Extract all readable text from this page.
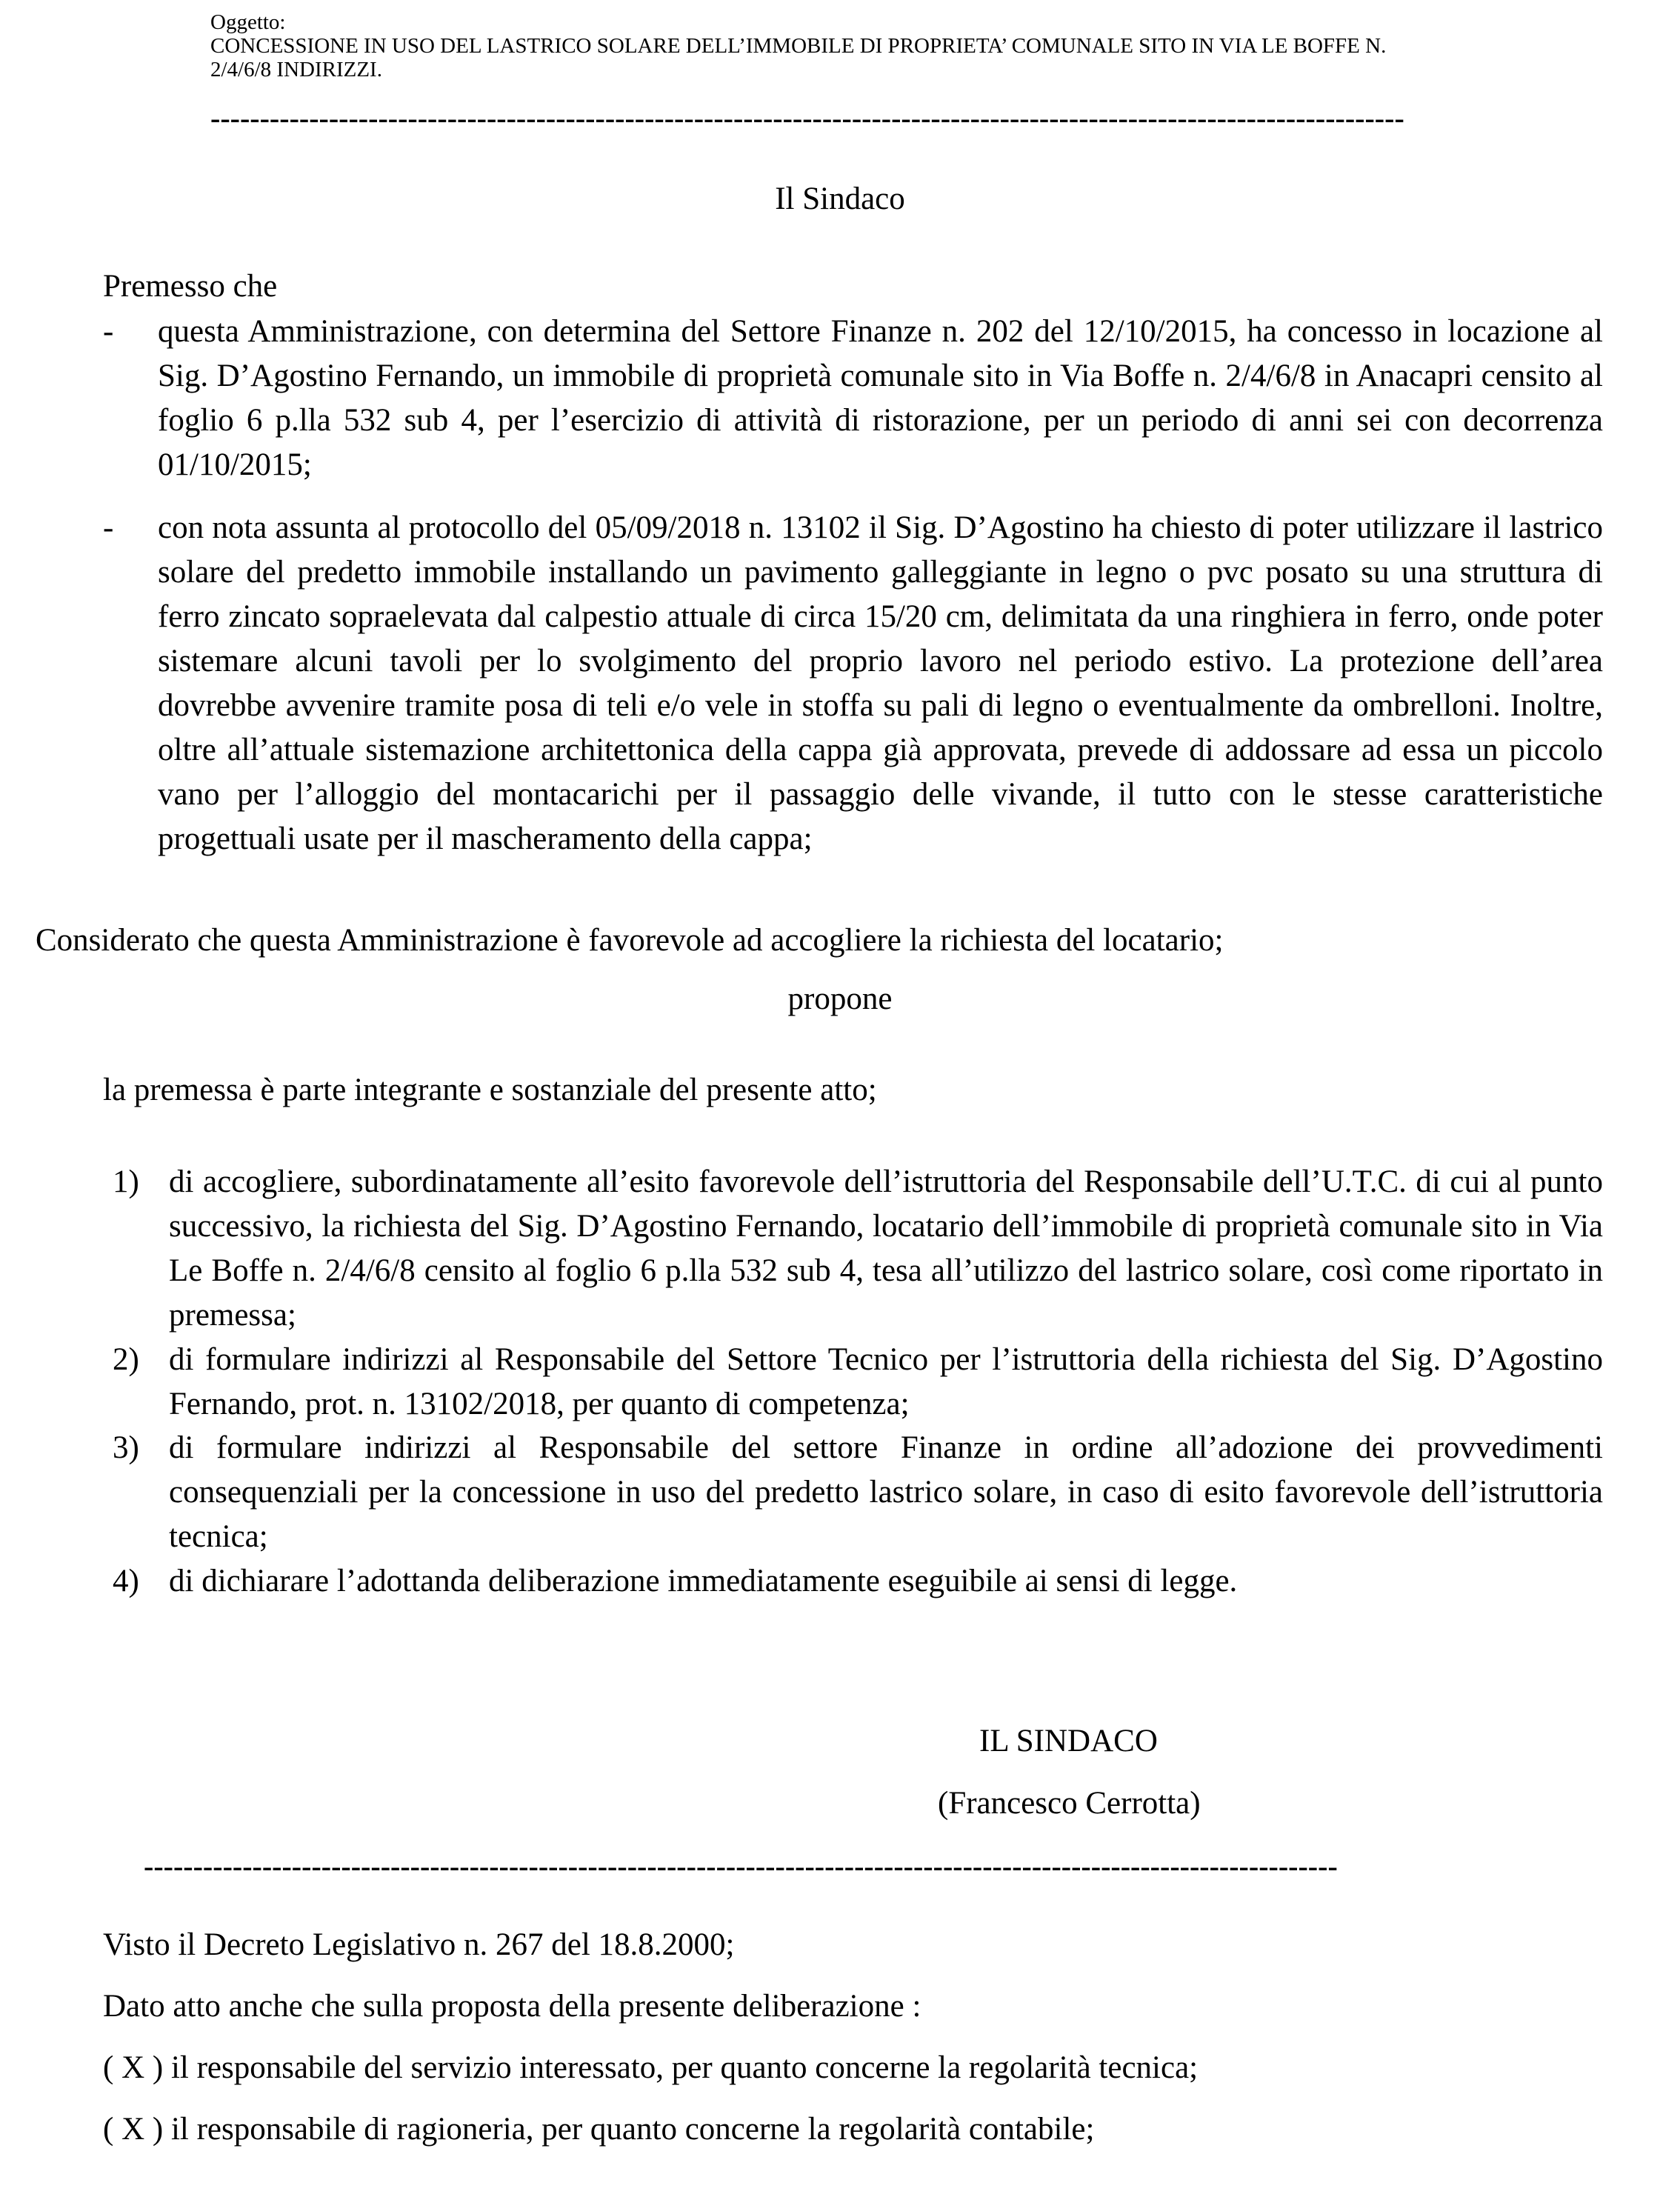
Oggetto:
CONCESSIONE IN USO DEL LASTRICO SOLARE DELL’IMMOBILE DI PROPRIETA’ COMUNALE SITO IN VIA LE BOFFE N.
2/4/6/8 INDIRIZZI.
-------------------------------------------------------------------------------------------------------------------------
Il Sindaco
Premesso che
- questa Amministrazione, con determina del Settore Finanze n. 202 del 12/10/2015, ha concesso in locazione al Sig. D’Agostino Fernando, un immobile di proprietà comunale sito in Via Boffe n. 2/4/6/8 in Anacapri censito al foglio 6 p.lla 532 sub 4, per l’esercizio di attività di ristorazione, per un periodo di anni sei con decorrenza 01/10/2015;
- con nota assunta al protocollo del 05/09/2018 n. 13102 il Sig. D’Agostino ha chiesto di poter utilizzare il lastrico solare del predetto immobile installando un pavimento galleggiante in legno o pvc posato su una struttura di ferro zincato sopraelevata dal calpestio attuale di circa 15/20 cm, delimitata da una ringhiera in ferro, onde poter sistemare alcuni tavoli per lo svolgimento del proprio lavoro nel periodo estivo. La protezione dell’area dovrebbe avvenire tramite posa di teli e/o vele in stoffa su pali di legno o eventualmente da ombrelloni. Inoltre, oltre all’attuale sistemazione architettonica della cappa già approvata, prevede di addossare ad essa un piccolo vano per l’alloggio del montacarichi per il passaggio delle vivande, il tutto con le stesse caratteristiche progettuali usate per il mascheramento della cappa;
Considerato che questa Amministrazione è favorevole ad accogliere la richiesta del locatario;
propone
la premessa è parte integrante e sostanziale del presente atto;
1) di accogliere, subordinatamente all’esito favorevole dell’istruttoria del Responsabile dell’U.T.C. di cui al punto successivo, la richiesta del Sig. D’Agostino Fernando, locatario dell’immobile di proprietà comunale sito in Via Le Boffe n. 2/4/6/8 censito al foglio 6 p.lla 532 sub 4, tesa all’utilizzo del lastrico solare, così come riportato in premessa;
2) di formulare indirizzi al Responsabile del Settore Tecnico per l’istruttoria della richiesta del Sig. D’Agostino Fernando, prot. n. 13102/2018, per quanto di competenza;
3) di formulare indirizzi al Responsabile del settore Finanze in ordine all’adozione dei provvedimenti consequenziali per la concessione in uso del predetto lastrico solare, in caso di esito favorevole dell’istruttoria tecnica;
4) di dichiarare l’adottanda deliberazione immediatamente eseguibile ai sensi di legge.
IL SINDACO
(Francesco Cerrotta)
-------------------------------------------------------------------------------------------------------------------------
Visto il Decreto Legislativo n. 267 del 18.8.2000;
Dato atto anche che sulla proposta della presente deliberazione :
( X ) il responsabile del servizio interessato, per quanto concerne la regolarità tecnica;
( X ) il responsabile di ragioneria, per quanto concerne la regolarità contabile;
